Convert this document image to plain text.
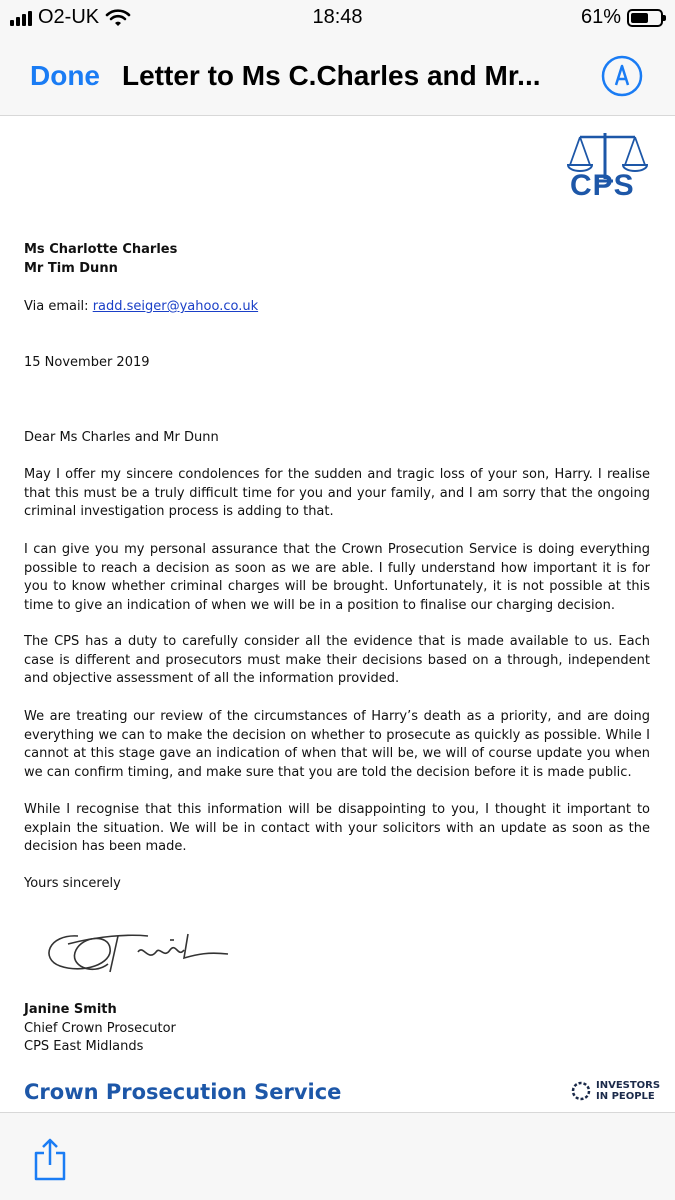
O2-UK	18:48	61%
Done Letter to Ms C.Charles and Mr...
CPS
Ms Charlotte Charles
Mr Tim Dunn
Via email: radd.seiger@yahoo.co.uk
15 November 2019
Dear Ms Charles and Mr Dunn
May I offer my sincere condolences for the sudden and tragic loss of your son, Harry. I realise that this must be a truly difficult time for you and your family, and I am sorry that the ongoing criminal investigation process is adding to that.
I can give you my personal assurance that the Crown Prosecution Service is doing everything possible to reach a decision as soon as we are able. I fully understand how important it is for you to know whether criminal charges will be brought. Unfortunately, it is not possible at this time to give an indication of when we will be in a position to finalise our charging decision.
The CPS has a duty to carefully consider all the evidence that is made available to us. Each case is different and prosecutors must make their decisions based on a through, independent and objective assessment of all the information provided.
We are treating our review of the circumstances of Harry’s death as a priority, and are doing everything we can to make the decision on whether to prosecute as quickly as possible. While I cannot at this stage gave an indication of when that will be, we will of course update you when we can confirm timing, and make sure that you are told the decision before it is made public.
While I recognise that this information will be disappointing to you, I thought it important to explain the situation. We will be in contact with your solicitors with an update as soon as the decision has been made.
Yours sincerely
Janine Smith
Chief Crown Prosecutor
CPS East Midlands
Crown Prosecution Service	INVESTORS
IN PEOPLE
